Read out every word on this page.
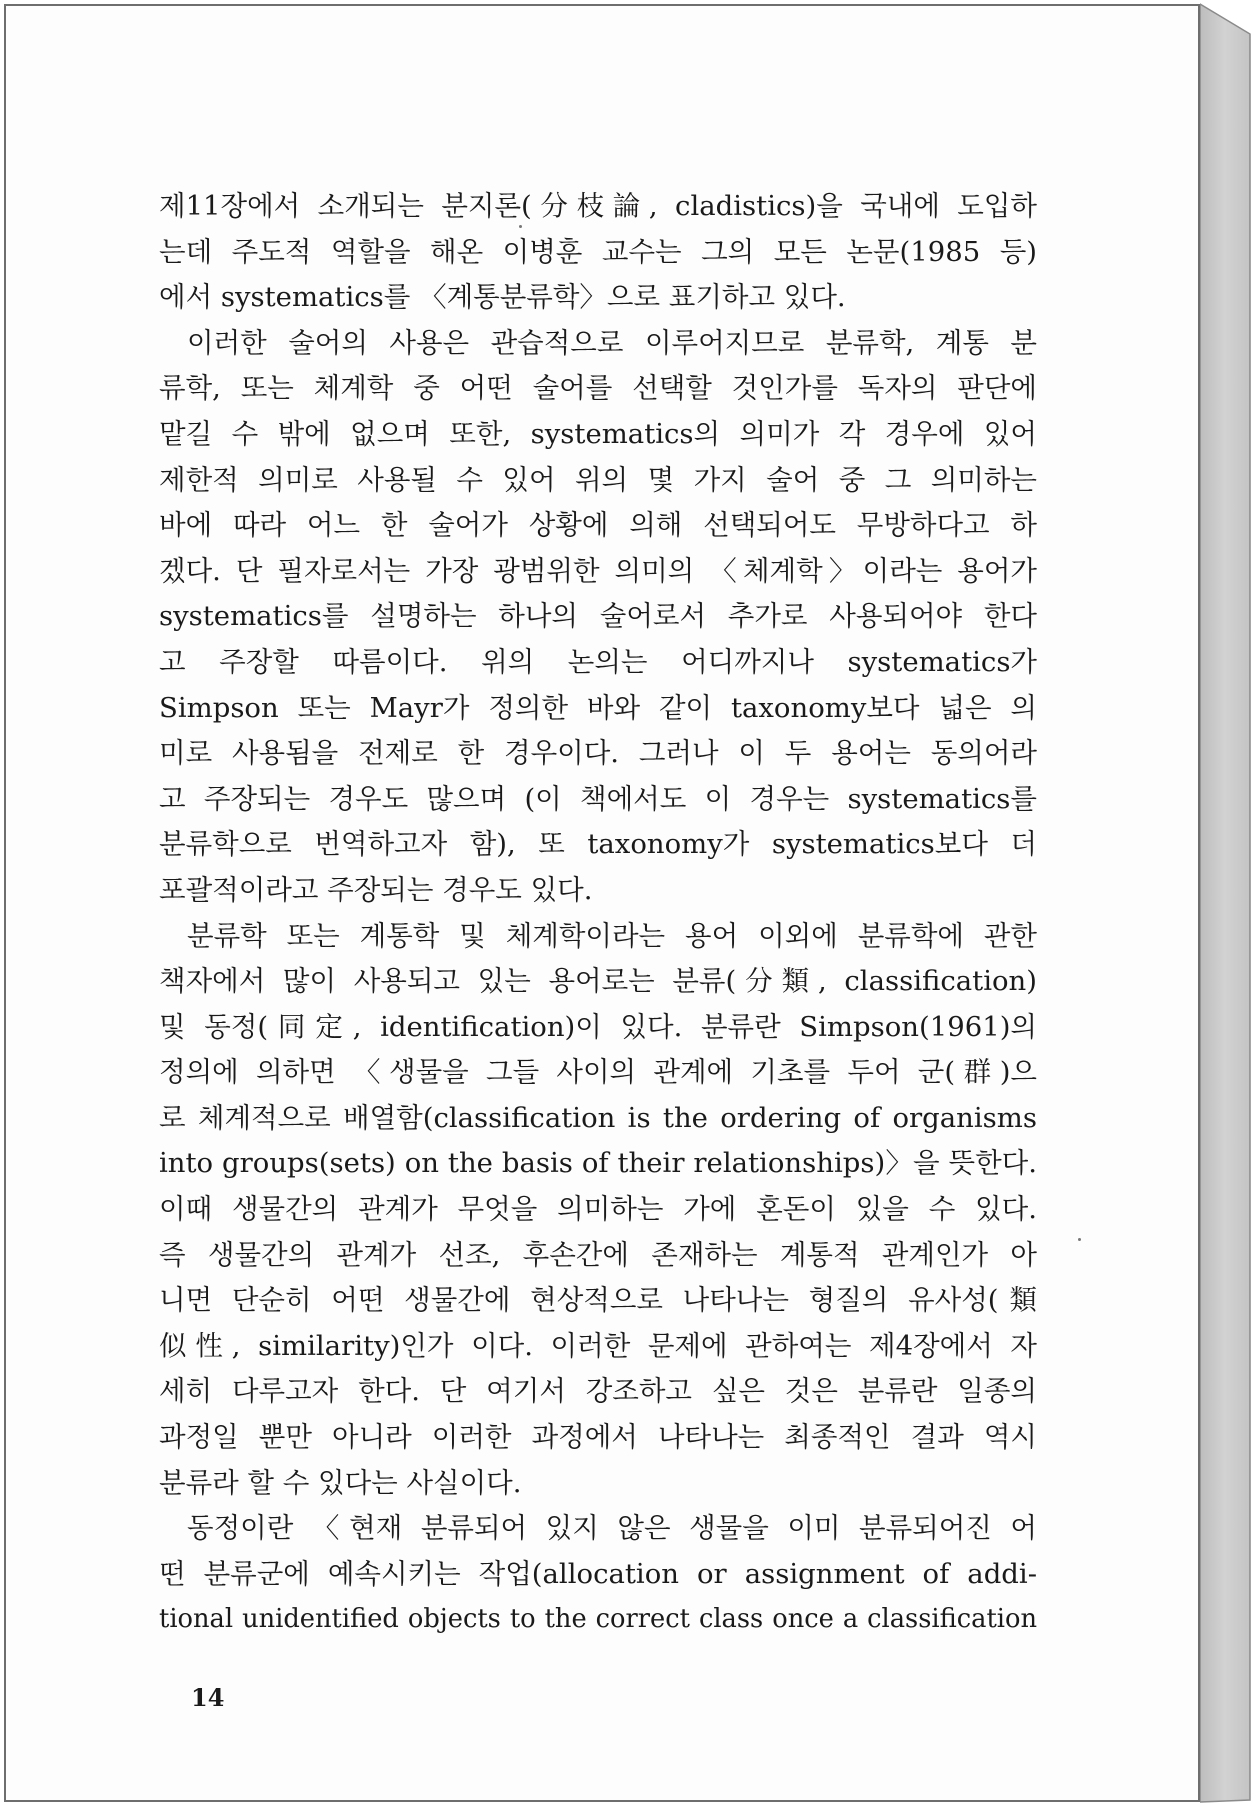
제11장에서 소개되는 분지론(分枝論, cladistics)을 국내에 도입하
는데 주도적 역할을 해온 이병훈 교수는 그의 모든 논문(1985 등)
에서 systematics를 〈계통분류학〉으로 표기하고 있다.
이러한 술어의 사용은 관습적으로 이루어지므로 분류학, 계통 분
류학, 또는 체계학 중 어떤 술어를 선택할 것인가를 독자의 판단에
맡길 수 밖에 없으며 또한, systematics의 의미가 각 경우에 있어
제한적 의미로 사용될 수 있어 위의 몇 가지 술어 중 그 의미하는
바에 따라 어느 한 술어가 상황에 의해 선택되어도 무방하다고 하
겠다. 단 필자로서는 가장 광범위한 의미의 〈체계학〉이라는 용어가
systematics를 설명하는 하나의 술어로서 추가로 사용되어야 한다
고 주장할 따름이다. 위의 논의는 어디까지나 systematics가
Simpson 또는 Mayr가 정의한 바와 같이 taxonomy보다 넓은 의
미로 사용됨을 전제로 한 경우이다. 그러나 이 두 용어는 동의어라
고 주장되는 경우도 많으며 (이 책에서도 이 경우는 systematics를
분류학으로 번역하고자 함), 또 taxonomy가 systematics보다 더
포괄적이라고 주장되는 경우도 있다.
분류학 또는 계통학 및 체계학이라는 용어 이외에 분류학에 관한
책자에서 많이 사용되고 있는 용어로는 분류(分類, classification)
및 동정(同定, identification)이 있다. 분류란 Simpson(1961)의
정의에 의하면 〈생물을 그들 사이의 관계에 기초를 두어 군(群)으
로 체계적으로 배열함(classification is the ordering of organisms
into groups(sets) on the basis of their relationships)〉을 뜻한다.
이때 생물간의 관계가 무엇을 의미하는 가에 혼돈이 있을 수 있다.
즉 생물간의 관계가 선조, 후손간에 존재하는 계통적 관계인가 아
니면 단순히 어떤 생물간에 현상적으로 나타나는 형질의 유사성(類
似性, similarity)인가 이다. 이러한 문제에 관하여는 제4장에서 자
세히 다루고자 한다. 단 여기서 강조하고 싶은 것은 분류란 일종의
과정일 뿐만 아니라 이러한 과정에서 나타나는 최종적인 결과 역시
분류라 할 수 있다는 사실이다.
동정이란 〈현재 분류되어 있지 않은 생물을 이미 분류되어진 어
떤 분류군에 예속시키는 작업(allocation or assignment of addi-
tional unidentified objects to the correct class once a classification
14
